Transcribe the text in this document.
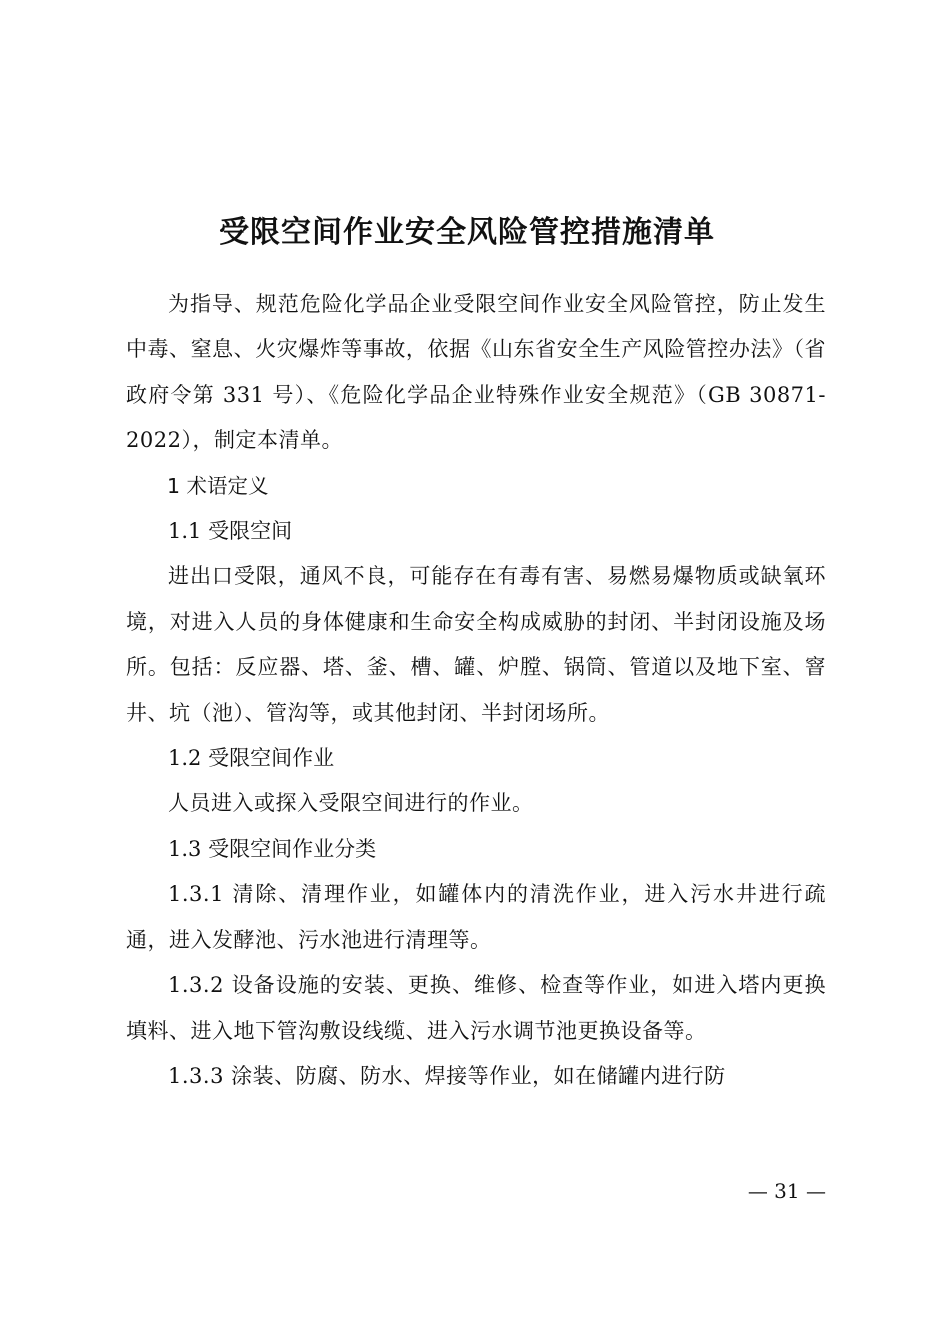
受限空间作业安全风险管控措施清单

为指导、规范危险化学品企业受限空间作业安全风险管控，防止发生中毒、窒息、火灾爆炸等事故，依据《山东省安全生产风险管控办法》（省政府令第 331 号）、《危险化学品企业特殊作业安全规范》（GB 30871-2022），制定本清单。

1 术语定义

1.1 受限空间

进出口受限，通风不良，可能存在有毒有害、易燃易爆物质或缺氧环境，对进入人员的身体健康和生命安全构成威胁的封闭、半封闭设施及场所。包括：反应器、塔、釜、槽、罐、炉膛、锅筒、管道以及地下室、窨井、坑（池）、管沟等，或其他封闭、半封闭场所。

1.2 受限空间作业

人员进入或探入受限空间进行的作业。

1.3 受限空间作业分类

1.3.1 清除、清理作业，如罐体内的清洗作业，进入污水井进行疏通，进入发酵池、污水池进行清理等。

1.3.2 设备设施的安装、更换、维修、检查等作业，如进入塔内更换填料、进入地下管沟敷设线缆、进入污水调节池更换设备等。

1.3.3 涂装、防腐、防水、焊接等作业，如在储罐内进行防

— 31 —
